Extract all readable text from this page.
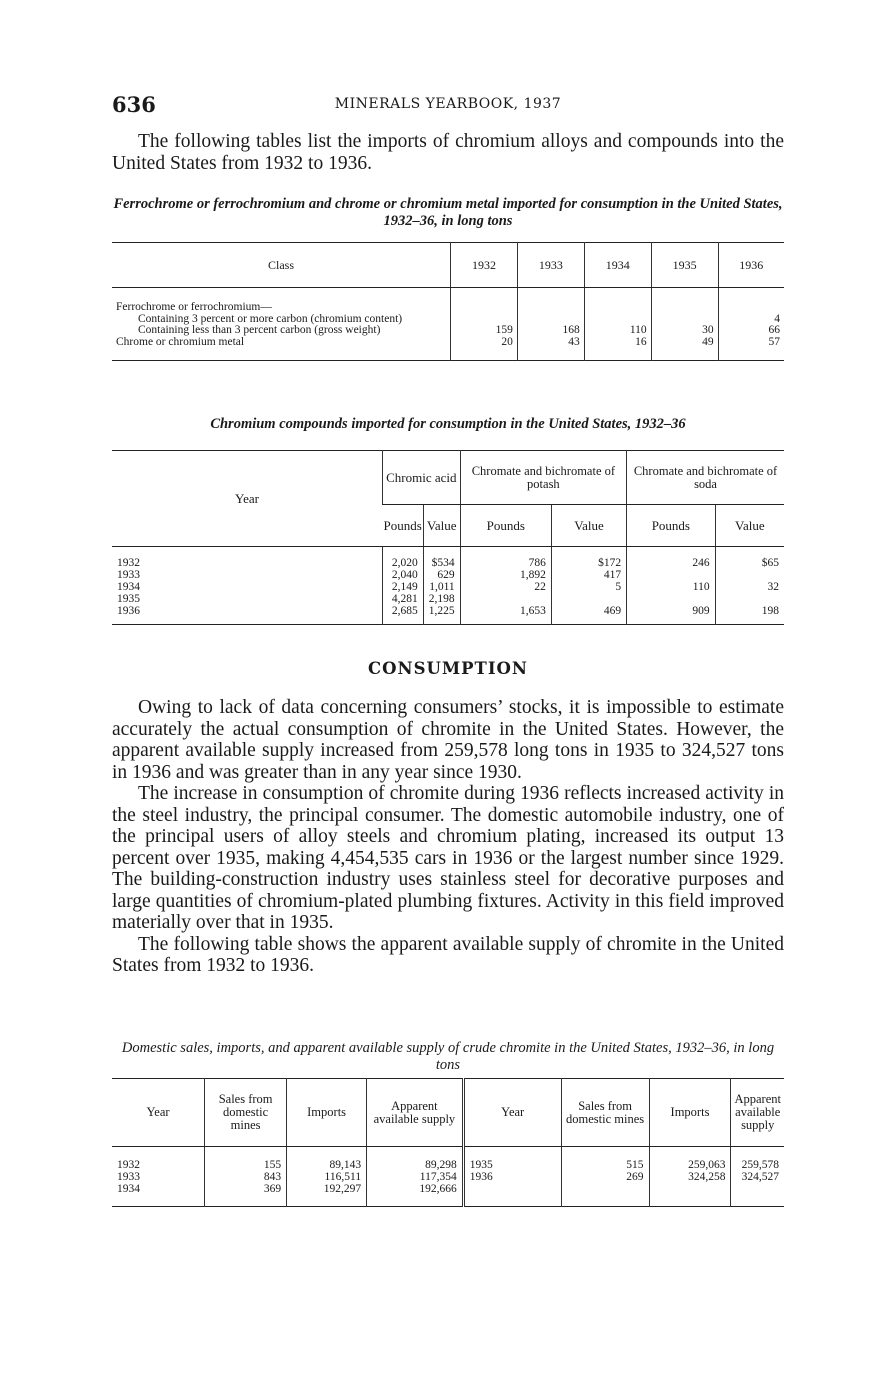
636	MINERALS YEARBOOK, 1937

The following tables list the imports of chromium alloys and compounds into the United States from 1932 to 1936.

Ferrochrome or ferrochromium and chrome or chromium metal imported for consumption in the United States, 1932–36, in long tons

Class	1932	1933	1934	1935	1936
Ferrochrome or ferrochromium—					
Containing 3 percent or more carbon (chromium content)					4
Containing less than 3 percent carbon (gross weight)	159	168	110	30	66
Chrome or chromium metal	20	43	16	49	57

Chromium compounds imported for consumption in the United States, 1932–36

Year	Chromic acid		Chromate and bichromate of potash		Chromate and bichromate of soda	
	Pounds	Value	Pounds	Value	Pounds	Value
1932	2,020	$534	786	$172	246	$65
1933	2,040	629	1,892	417		
1934	2,149	1,011	22	5	110	32
1935	4,281	2,198				
1936	2,685	1,225	1,653	469	909	198

CONSUMPTION

Owing to lack of data concerning consumers’ stocks, it is impossible to estimate accurately the actual consumption of chromite in the United States. However, the apparent available supply increased from 259,578 long tons in 1935 to 324,527 tons in 1936 and was greater than in any year since 1930.

The increase in consumption of chromite during 1936 reflects increased activity in the steel industry, the principal consumer. The domestic automobile industry, one of the principal users of alloy steels and chromium plating, increased its output 13 percent over 1935, making 4,454,535 cars in 1936 or the largest number since 1929. The building-construction industry uses stainless steel for decorative purposes and large quantities of chromium-plated plumbing fixtures. Activity in this field improved materially over that in 1935.

The following table shows the apparent available supply of chromite in the United States from 1932 to 1936.

Domestic sales, imports, and apparent available supply of crude chromite in the United States, 1932–36, in long tons

Year	Sales from domestic mines	Imports	Apparent available supply	Year	Sales from domestic mines	Imports	Apparent available supply
1932	155	89,143	89,298	1935	515	259,063	259,578
1933	843	116,511	117,354	1936	269	324,258	324,527
1934	369	192,297	192,666				
